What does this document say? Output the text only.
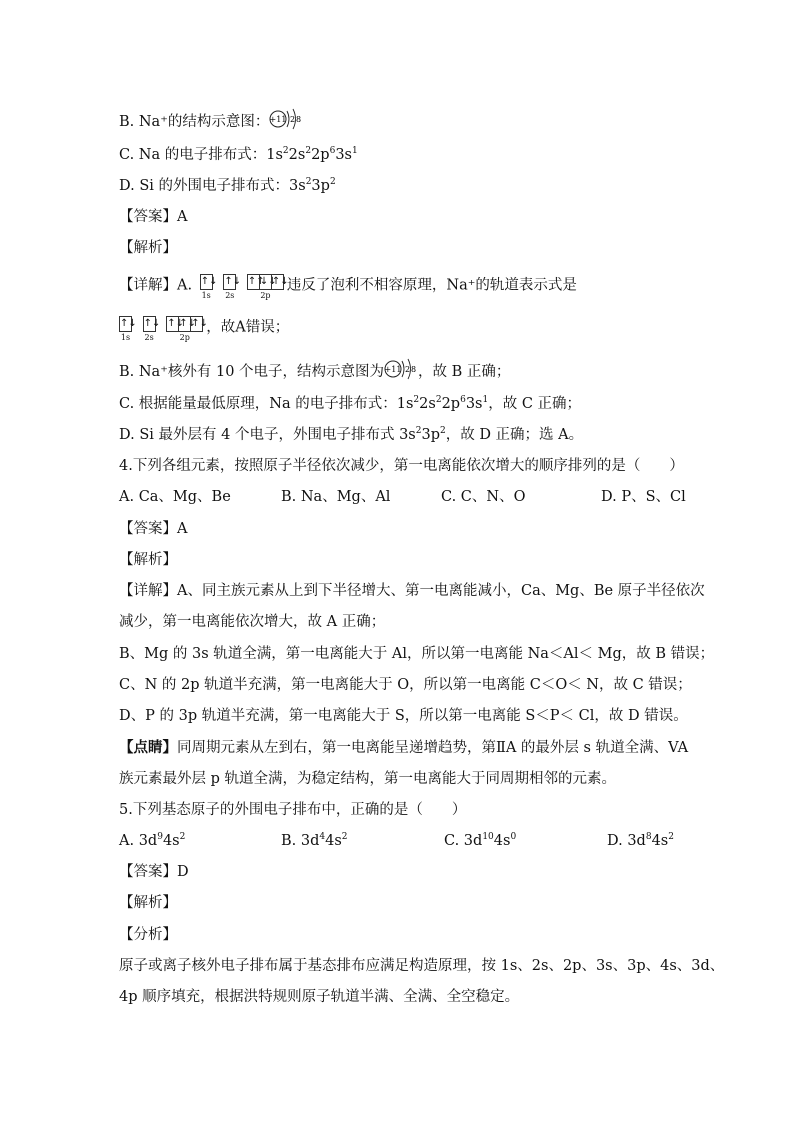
B. Na⁺的结构示意图： +11 2 8
C. Na 的电子排布式：$1s^22s^22p^63s^1$
D. Si 的外围电子排布式：$3s^23p^2$
【答案】A
【解析】
【详解】A. ↑↓
1s

↑↓
2s

↑↑
↓↓
↑↓
2p
违反了泡利不相容原理，Na⁺的轨道表示式是
↑↓
1s

↑↓
2s

↑↓
↑↓
↑↓
2p
，故A错误；
B. Na⁺核外有 10 个电子，结构示意图为 +11 2 8 ，故 B 正确；
C. 根据能量最低原理，Na 的电子排布式：$1s^22s^22p^63s^1$，故 C 正确；
D. Si 最外层有 4 个电子，外围电子排布式 $3s^23p^2$，故 D 正确；选 A。
4.下列各组元素，按照原子半径依次减少，第一电离能依次增大的顺序排列的是（　　）
A. Ca、Mg、Be	B. Na、Mg、Al	C. C、N、O	D. P、S、Cl
【答案】A
【解析】
【详解】A、同主族元素从上到下半径增大、第一电离能减小，Ca、Mg、Be 原子半径依次
减少，第一电离能依次增大，故 A 正确；
B、Mg 的 3s 轨道全满，第一电离能大于 Al，所以第一电离能 Na＜Al＜ Mg，故 B 错误；
C、N 的 2p 轨道半充满，第一电离能大于 O，所以第一电离能 C＜O＜ N，故 C 错误；
D、P 的 3p 轨道半充满，第一电离能大于 S，所以第一电离能 S＜P＜ Cl，故 D 错误。
【点睛】同周期元素从左到右，第一电离能呈递增趋势，第ⅡA 的最外层 s 轨道全满、VA
族元素最外层 p 轨道全满，为稳定结构，第一电离能大于同周期相邻的元素。
5.下列基态原子的外围电子排布中，正确的是（　　）
A. $3d^94s^2$	B. $3d^44s^2$	C. $3d^{10}4s^0$	D. $3d^84s^2$
【答案】D
【解析】
【分析】
原子或离子核外电子排布属于基态排布应满足构造原理，按 1s、2s、2p、3s、3p、4s、3d、
4p 顺序填充，根据洪特规则原子轨道半满、全满、全空稳定。
